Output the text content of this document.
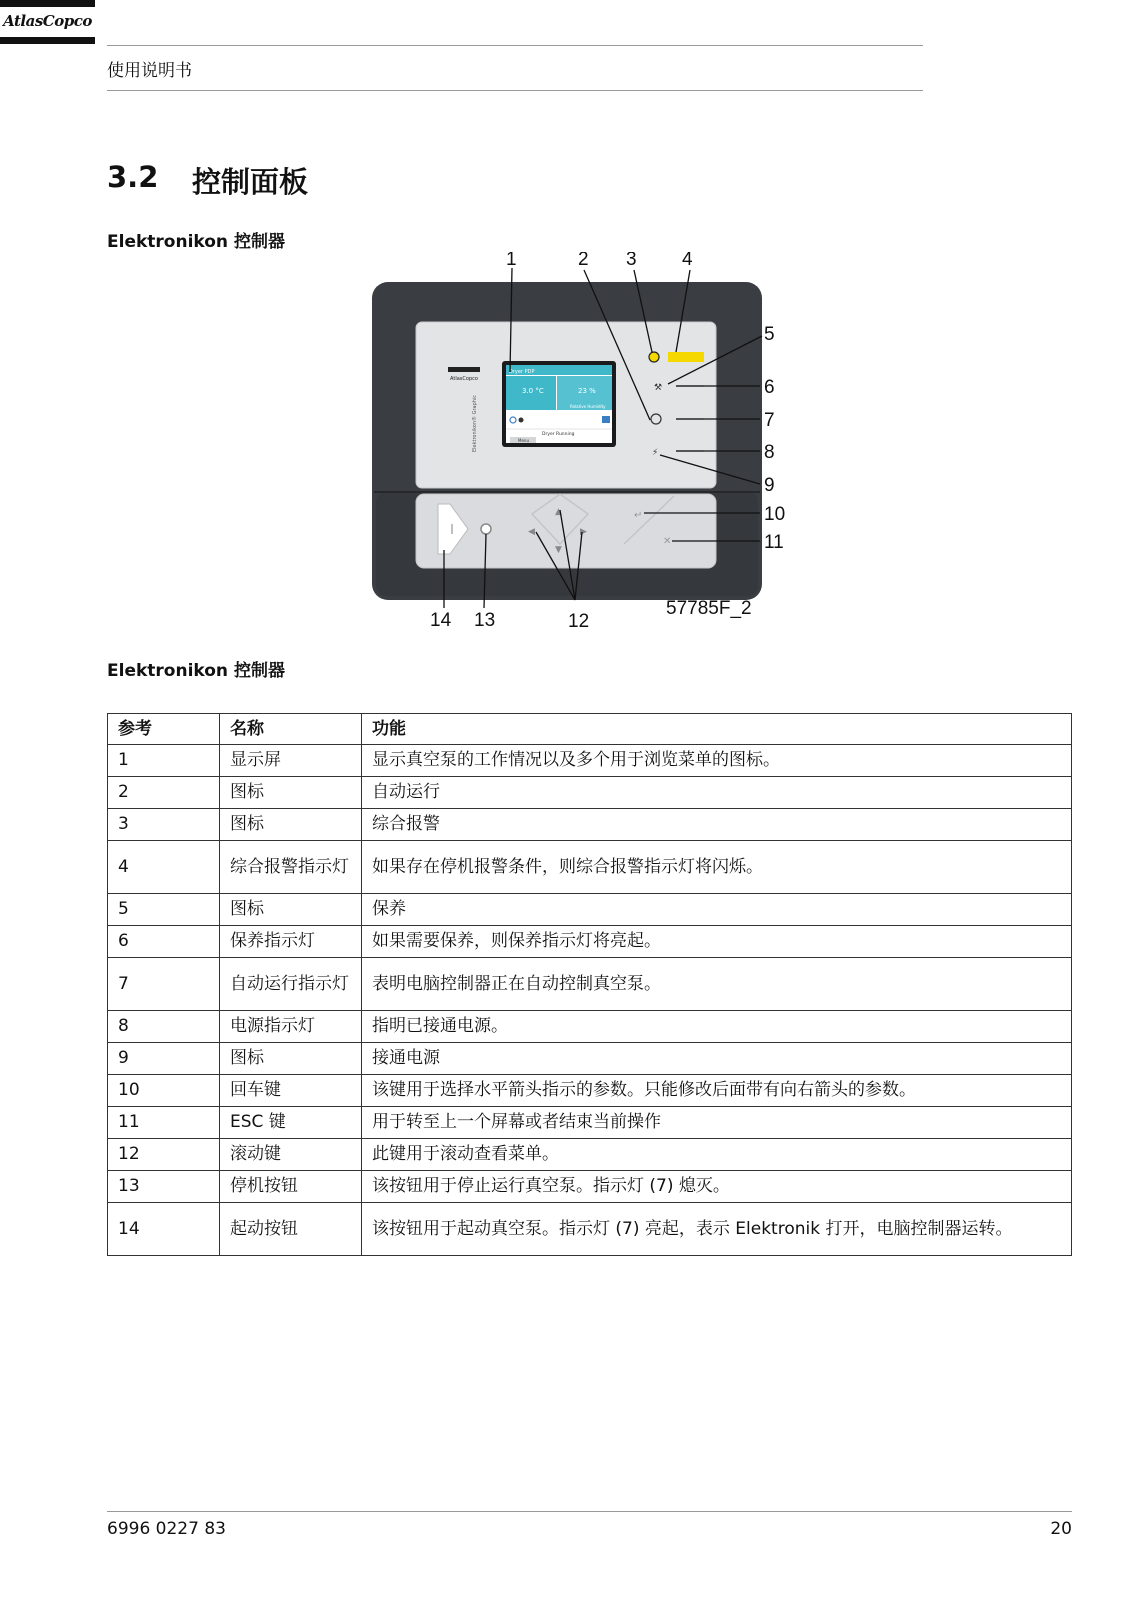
使用说明书
AtlasCopco
3.2 控制面板
Elektronikon 控制器
AtlasCopco
Elektronikon® Graphic
Dryer PDP
3.0 °C	23 %
Relative Humidity
Dryer Running
Menu
⚒
⚡
◀
▲
▶
▼
↵
✕
1	2 3 4
5
6
7
8
9
10
11
14 13	12
57785F_2
Elektronikon 控制器
参考	名称	功能
1	显示屏	显示真空泵的工作情况以及多个用于浏览菜单的图标。
2	图标	自动运行
3	图标	综合报警
4	综合报警指示灯	如果存在停机报警条件，则综合报警指示灯将闪烁。
5	图标	保养
6	保养指示灯	如果需要保养，则保养指示灯将亮起。
7	自动运行指示灯	表明电脑控制器正在自动控制真空泵。
8	电源指示灯	指明已接通电源。
9	图标	接通电源
10	回车键	该键用于选择水平箭头指示的参数。只能修改后面带有向右箭头的参数。
11	ESC 键	用于转至上一个屏幕或者结束当前操作
12	滚动键	此键用于滚动查看菜单。
13	停机按钮	该按钮用于停止运行真空泵。指示灯 (7) 熄灭。
14	起动按钮	该按钮用于起动真空泵。指示灯 (7) 亮起，表示 Elektronik 打开，电脑控制器运转。
6996 0227 83	20
